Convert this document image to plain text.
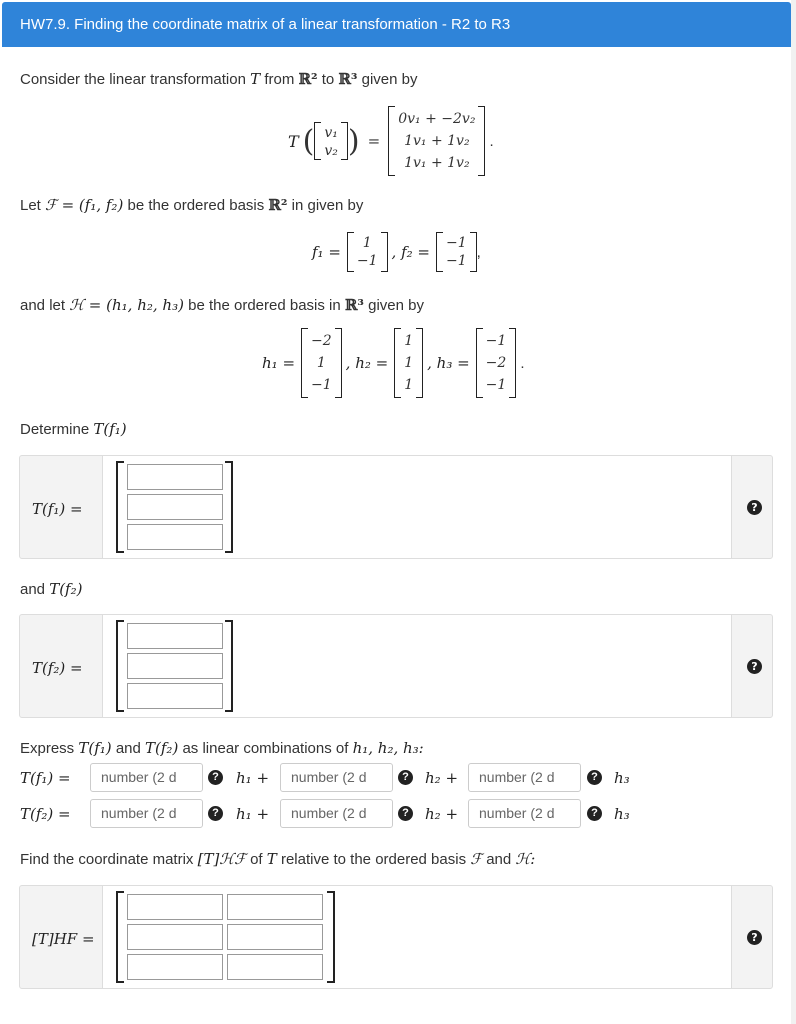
HW7.9. Finding the coordinate matrix of a linear transformation - R2 to R3
Consider the linear transformation T from ℝ² to ℝ³ given by
T ( v₁
v₂ ) =
0v₁ + −2v₂
1v₁ + 1v₂
1v₁ + 1v₂
.
Let ℱ = (f₁, f₂) be the ordered basis ℝ² in given by
f₁ = 1
−1 , f₂ = −1
−1
,
and let ℋ = (h₁, h₂, h₃) be the ordered basis in ℝ³ given by
h₁ =
−2
1
−1
, h₂ =
1
1
1
, h₃ =
−1
−2
−1
.
Determine T(f₁)
T(f₁) =	?
and T(f₂)
T(f₂) =	?
Express T(f₁) and T(f₂) as linear combinations of h₁, h₂, h₃:
T(f₁) =	number (2 d	? h₁ +	number (2 d	? h₂ +	number (2 d	? h₃
T(f₂) =	number (2 d	? h₁ +	number (2 d	? h₂ +	number (2 d	? h₃
Find the coordinate matrix [T]ℋℱ of T relative to the ordered basis ℱ and ℋ:
[T]HF =	?
